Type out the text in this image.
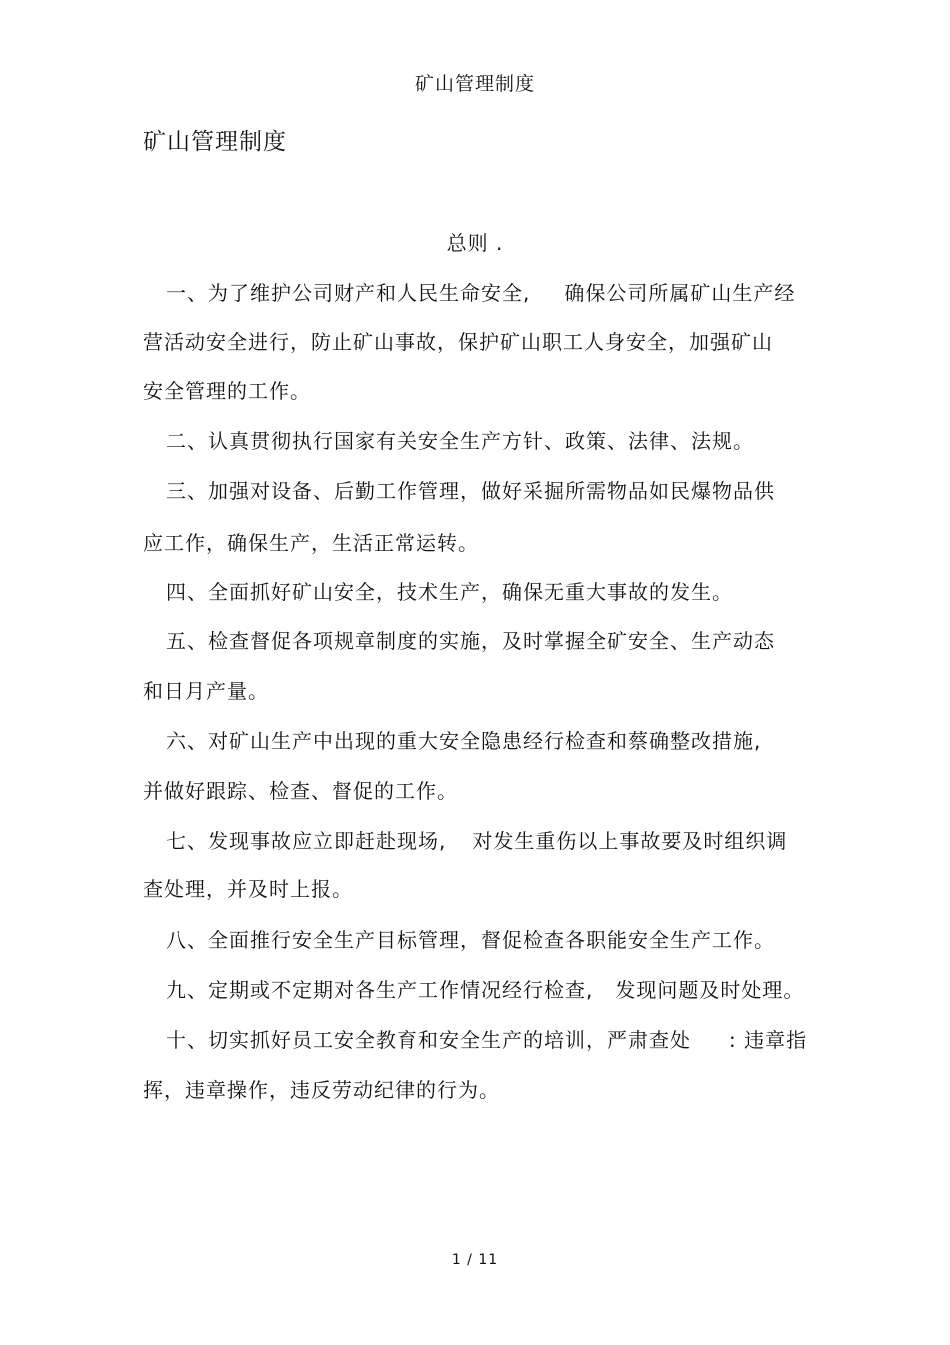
矿山管理制度
矿山管理制度
总则 .
一、为了维护公司财产和人民生命安全, 确保公司所属矿山生产经
营活动安全进行，防止矿山事故，保护矿山职工人身安全，加强矿山
安全管理的工作。
二、认真贯彻执行国家有关安全生产方针、政策、法律、法规。
三、加强对设备、后勤工作管理，做好采掘所需物品如民爆物品供
应工作，确保生产，生活正常运转。
四、全面抓好矿山安全，技术生产，确保无重大事故的发生。
五、检查督促各项规章制度的实施，及时掌握全矿安全、生产动态
和日月产量。
六、对矿山生产中出现的重大安全隐患经行检查和蔡确整改措施,
并做好跟踪、检查、督促的工作。
七、发现事故应立即赶赴现场, 对发生重伤以上事故要及时组织调
查处理，并及时上报。
八、全面推行安全生产目标管理，督促检查各职能安全生产工作。
九、定期或不定期对各生产工作情况经行检查, 发现问题及时处理。
十、切实抓好员工安全教育和安全生产的培训，严肃查处 : 违章指
挥，违章操作，违反劳动纪律的行为。
1 / 11
